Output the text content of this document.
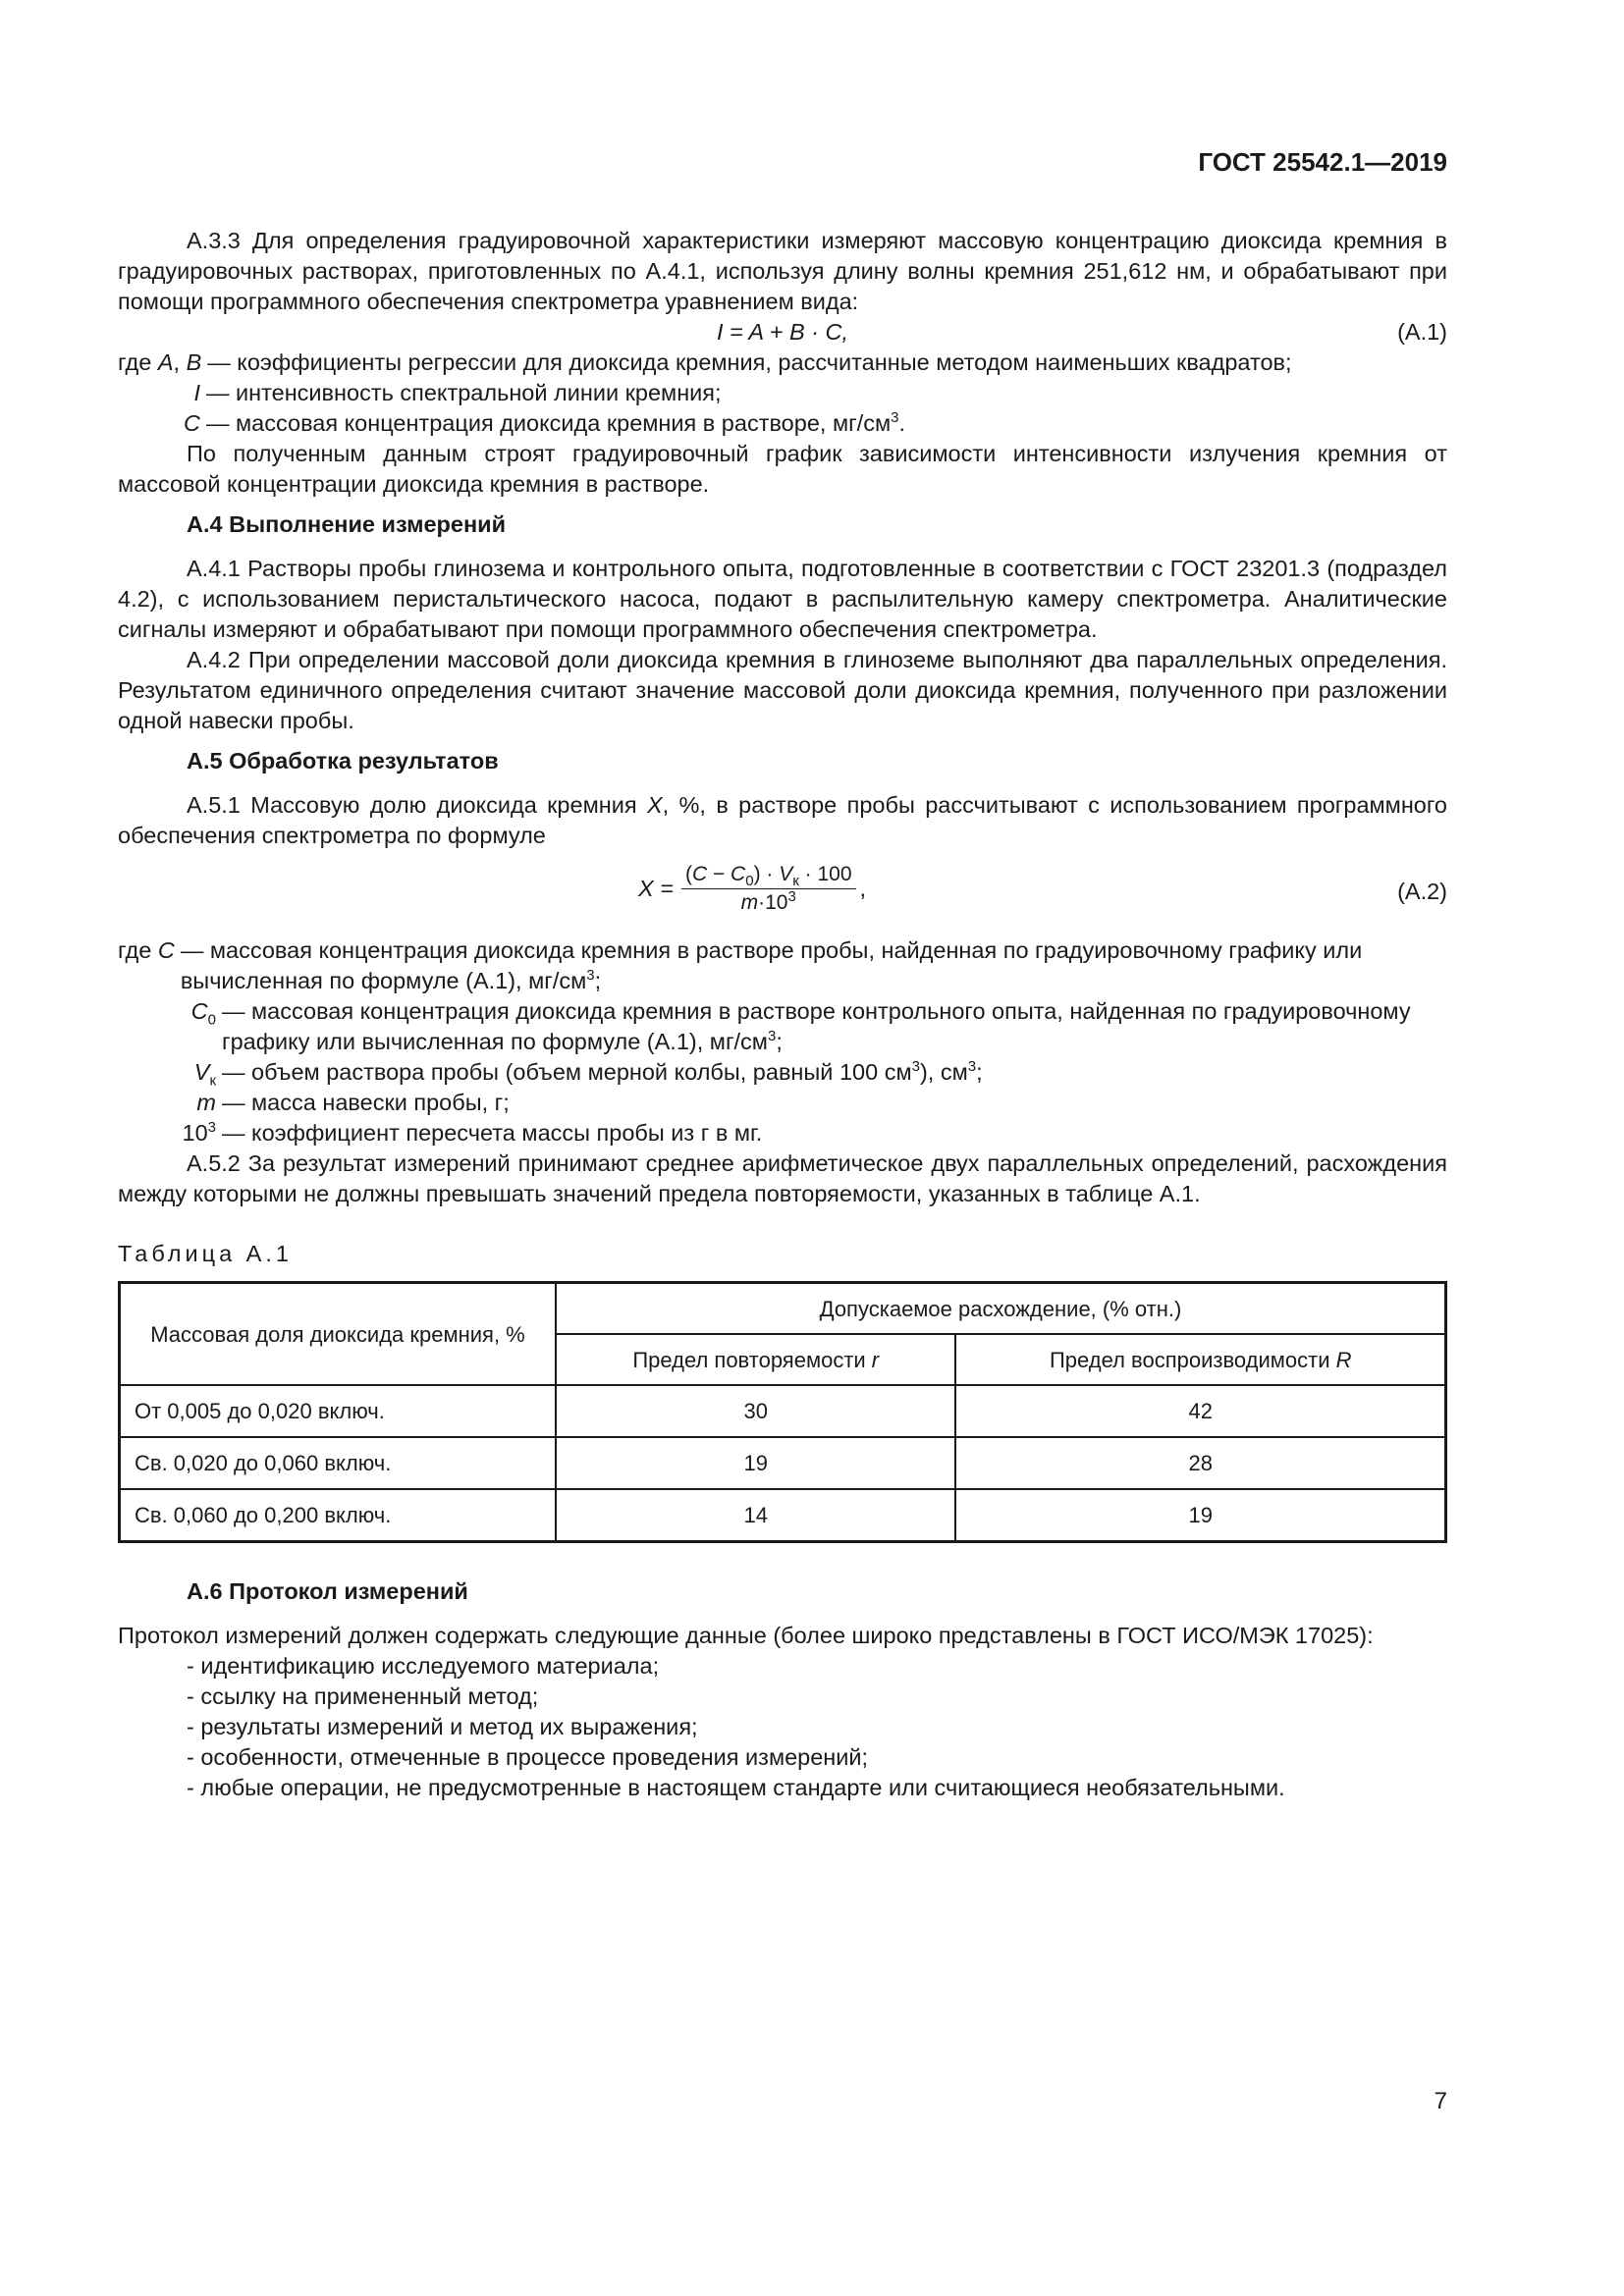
ГОСТ 25542.1—2019

А.3.3 Для определения градуировочной характеристики измеряют массовую концентрацию диоксида кремния в градуировочных растворах, приготовленных по А.4.1, используя длину волны кремния 251,612 нм, и обрабатывают при помощи программного обеспечения спектрометра уравнением вида:

I = A + B · C,	(А.1)
где A, B — коэффициенты регрессии для диоксида кремния, рассчитанные методом наименьших квадратов;
I — интенсивность спектральной линии кремния;
C — массовая концентрация диоксида кремния в растворе, $мг/см^3$.

По полученным данным строят градуировочный график зависимости интенсивности излучения кремния от массовой концентрации диоксида кремния в растворе.

А.4 Выполнение измерений

А.4.1 Растворы пробы глинозема и контрольного опыта, подготовленные в соответствии с ГОСТ 23201.3 (подраздел 4.2), с использованием перистальтического насоса, подают в распылительную камеру спектрометра. Аналитические сигналы измеряют и обрабатывают при помощи программного обеспечения спектрометра.

А.4.2 При определении массовой доли диоксида кремния в глиноземе выполняют два параллельных определения. Результатом единичного определения считают значение массовой доли диоксида кремния, полученного при разложении одной навески пробы.

А.5 Обработка результатов

А.5.1 Массовую долю диоксида кремния X, %, в растворе пробы рассчитывают с использованием программного обеспечения спектрометра по формуле

$X = \frac{(C - C_0) \cdot V_к \cdot 100}{m\cdot 10^3}$ ,	(А.2)
где C — массовая концентрация диоксида кремния в растворе пробы, найденная по градуировочному графику или вычисленная по формуле (А.1), $мг/см^3$;
$C_0$ — массовая концентрация диоксида кремния в растворе контрольного опыта, найденная по градуировочному графику или вычисленная по формуле (А.1), $мг/см^3$;
$V_к$ — объем раствора пробы (объем мерной колбы, равный 100 $см^3$), $см^3$;
m — масса навески пробы, г;
$10^3$ — коэффициент пересчета массы пробы из г в мг.

А.5.2 За результат измерений принимают среднее арифметическое двух параллельных определений, расхождения между которыми не должны превышать значений предела повторяемости, указанных в таблице А.1.

Таблица А.1
Массовая доля диоксида кремния, %	Допускаемое расхождение, (% отн.)	
	Предел повторяемости r	Предел воспроизводимости R
От 0,005 до 0,020 включ.	30	42
Св. 0,020 до 0,060 включ.	19	28
Св. 0,060 до 0,200 включ.	14	19
А.6 Протокол измерений

Протокол измерений должен содержать следующие данные (более широко представлены в ГОСТ ИСО/МЭК 17025):

- идентификацию исследуемого материала;
- ссылку на примененный метод;
- результаты измерений и метод их выражения;
- особенности, отмеченные в процессе проведения измерений;
- любые операции, не предусмотренные в настоящем стандарте или считающиеся необязательными.
7
